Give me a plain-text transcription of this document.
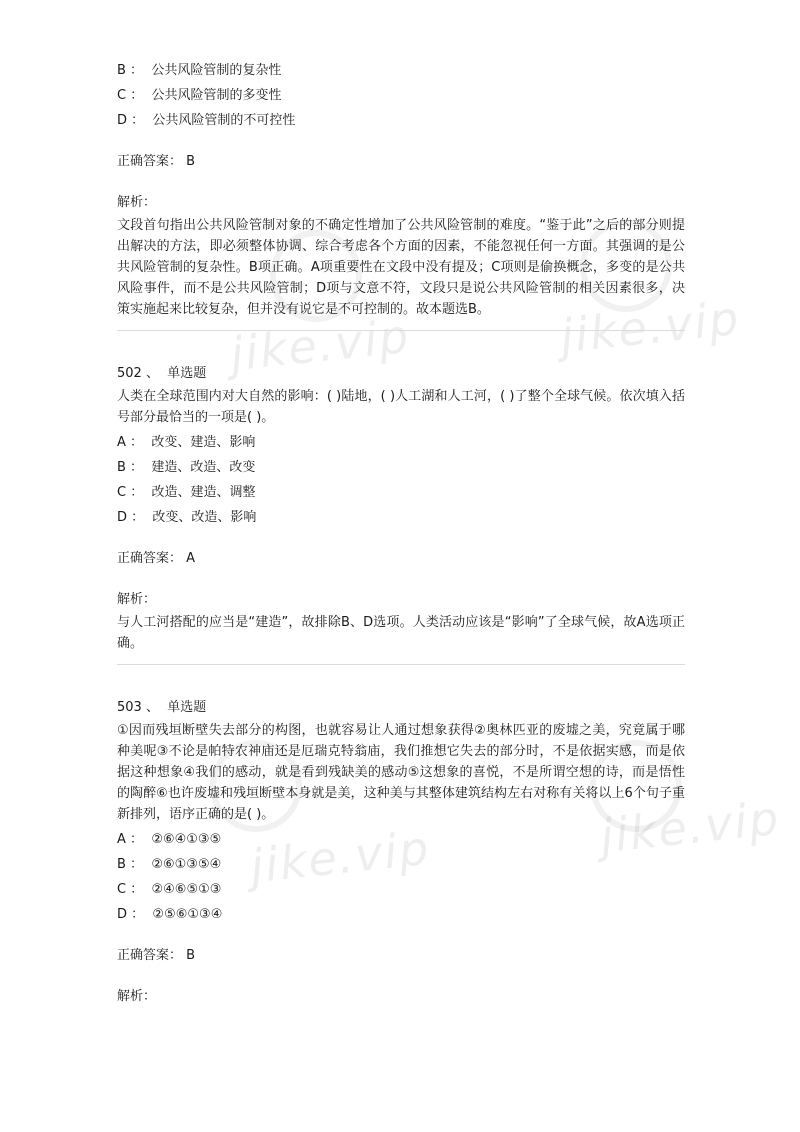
jike.vip	jike.vip
jike.vip	jike.vip

B ：  公共风险管制的复杂性

C ：  公共风险管制的多变性

D ：  公共风险管制的不可控性

正确答案： B

解析：

文段首句指出公共风险管制对象的不确定性增加了公共风险管制的难度。“鉴于此”之后的部分则提出解决的方法，即必须整体协调、综合考虑各个方面的因素，不能忽视任何一方面。其强调的是公共风险管制的复杂性。B项正确。A项重要性在文段中没有提及；C项则是偷换概念，多变的是公共风险事件，而不是公共风险管制；D项与文意不符，文段只是说公共风险管制的相关因素很多，决策实施起来比较复杂，但并没有说它是不可控制的。故本题选B。

502 、 单选题

人类在全球范围内对大自然的影响：( )陆地，( )人工湖和人工河，( )了整个全球气候。依次填入括号部分最恰当的一项是( )。

A ：  改变、建造、影响

B ：  建造、改造、改变

C ：  改造、建造、调整

D ：  改变、改造、影响

正确答案： A

解析：

与人工河搭配的应当是“建造”，故排除B、D选项。人类活动应该是“影响”了全球气候，故A选项正确。

503 、 单选题

①因而残垣断壁失去部分的构图，也就容易让人通过想象获得②奥林匹亚的废墟之美，究竟属于哪种美呢③不论是帕特农神庙还是厄瑞克特翁庙，我们推想它失去的部分时，不是依据实感，而是依据这种想象④我们的感动，就是看到残缺美的感动⑤这想象的喜悦，不是所谓空想的诗，而是悟性的陶醉⑥也许废墟和残垣断壁本身就是美，这种美与其整体建筑结构左右对称有关将以上6个句子重新排列，语序正确的是( )。

A ：  ②⑥④①③⑤

B ：  ②⑥①③⑤④

C ：  ②④⑥⑤①③

D ：  ②⑤⑥①③④

正确答案： B

解析：
